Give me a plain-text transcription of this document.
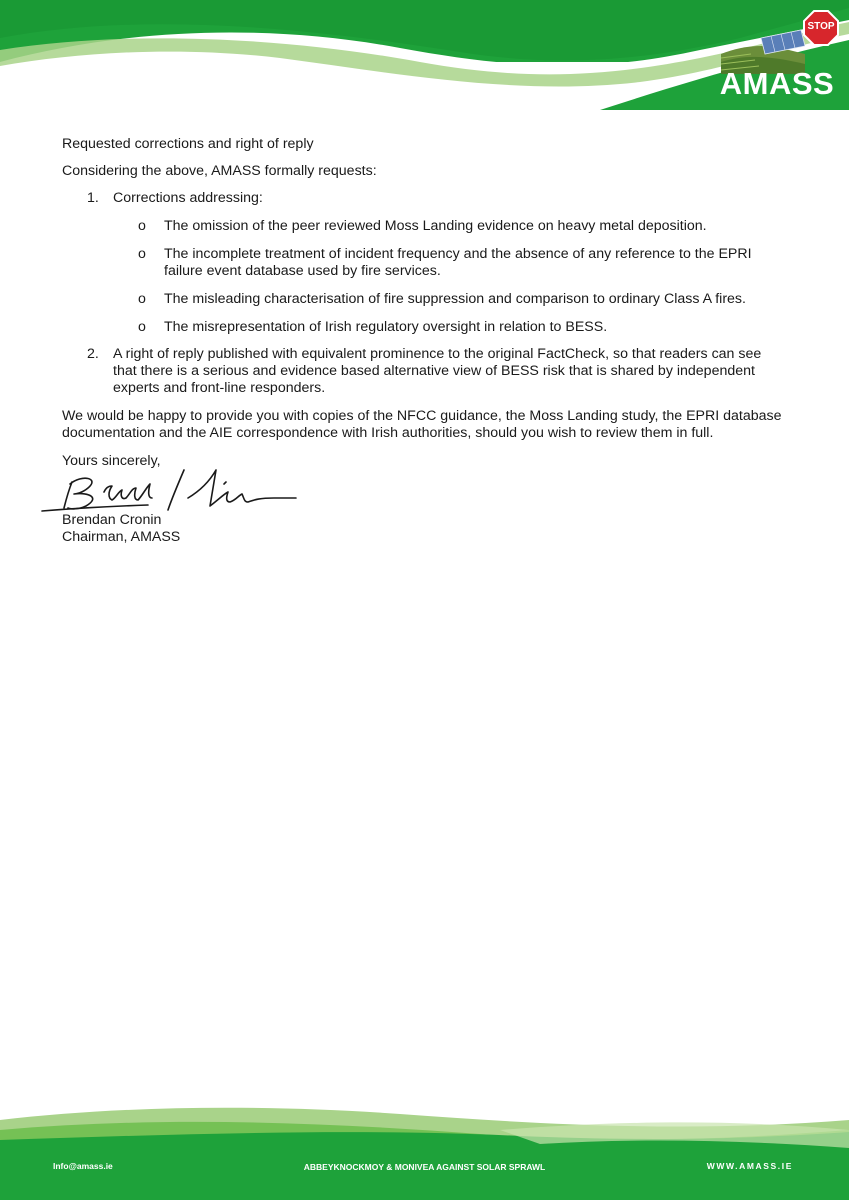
STOP
AMASS
Requested corrections and right of reply

Considering the above, AMASS formally requests:

1. Corrections addressing:
o The omission of the peer reviewed Moss Landing evidence on heavy metal deposition.
o The incomplete treatment of incident frequency and the absence of any reference to the EPRI failure event database used by fire services.
o The misleading characterisation of fire suppression and comparison to ordinary Class A fires.
o The misrepresentation of Irish regulatory oversight in relation to BESS.
2. A right of reply published with equivalent prominence to the original FactCheck, so that readers can see that there is a serious and evidence based alternative view of BESS risk that is shared by independent experts and front-line responders.

We would be happy to provide you with copies of the NFCC guidance, the Moss Landing study, the EPRI database documentation and the AIE correspondence with Irish authorities, should you wish to review them in full.

Yours sincerely,

Brendan Cronin

Chairman, AMASS

Info@amass.ie	ABBEYKNOCKMOY & MONIVEA AGAINST SOLAR SPRAWL	WWW.AMASS.IE
